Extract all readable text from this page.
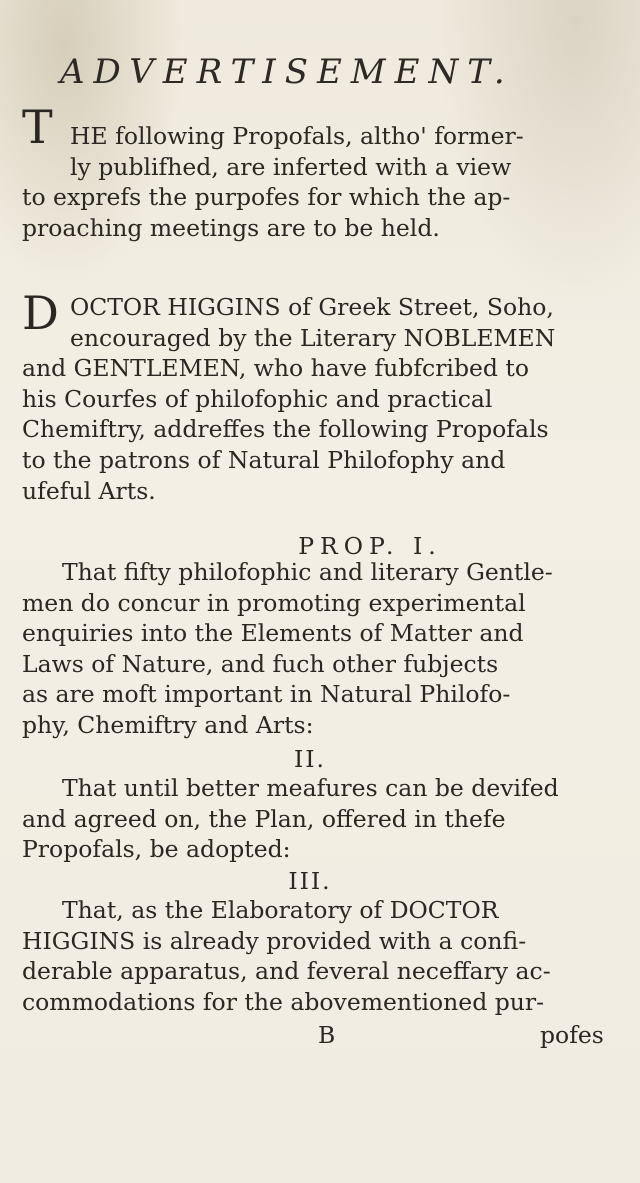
ADVERTISEMENT.
T HE following Propofals, altho' former-
ly publifhed, are inferted with a view
to exprefs the purpofes for which the ap-
proaching meetings are to be held.
D OCTOR HIGGINS of Greek Street, Soho,
encouraged by the Literary NOBLEMEN
and GENTLEMEN, who have fubfcribed to
his Courfes of philofophic and practical
Chemiftry, addreffes the following Propofals
to the patrons of Natural Philofophy and
ufeful Arts.
PROP. I.
That fifty philofophic and literary Gentle-
men do concur in promoting experimental
enquiries into the Elements of Matter and
Laws of Nature, and fuch other fubjects
as are moft important in Natural Philofo-
phy, Chemiftry and Arts:
II.
That until better meafures can be devifed
and agreed on, the Plan, offered in thefe
Propofals, be adopted:
III.
That, as the Elaboratory of DOCTOR
HIGGINS is already provided with a confi-
derable apparatus, and feveral neceffary ac-
commodations for the abovementioned pur-
B	pofes
